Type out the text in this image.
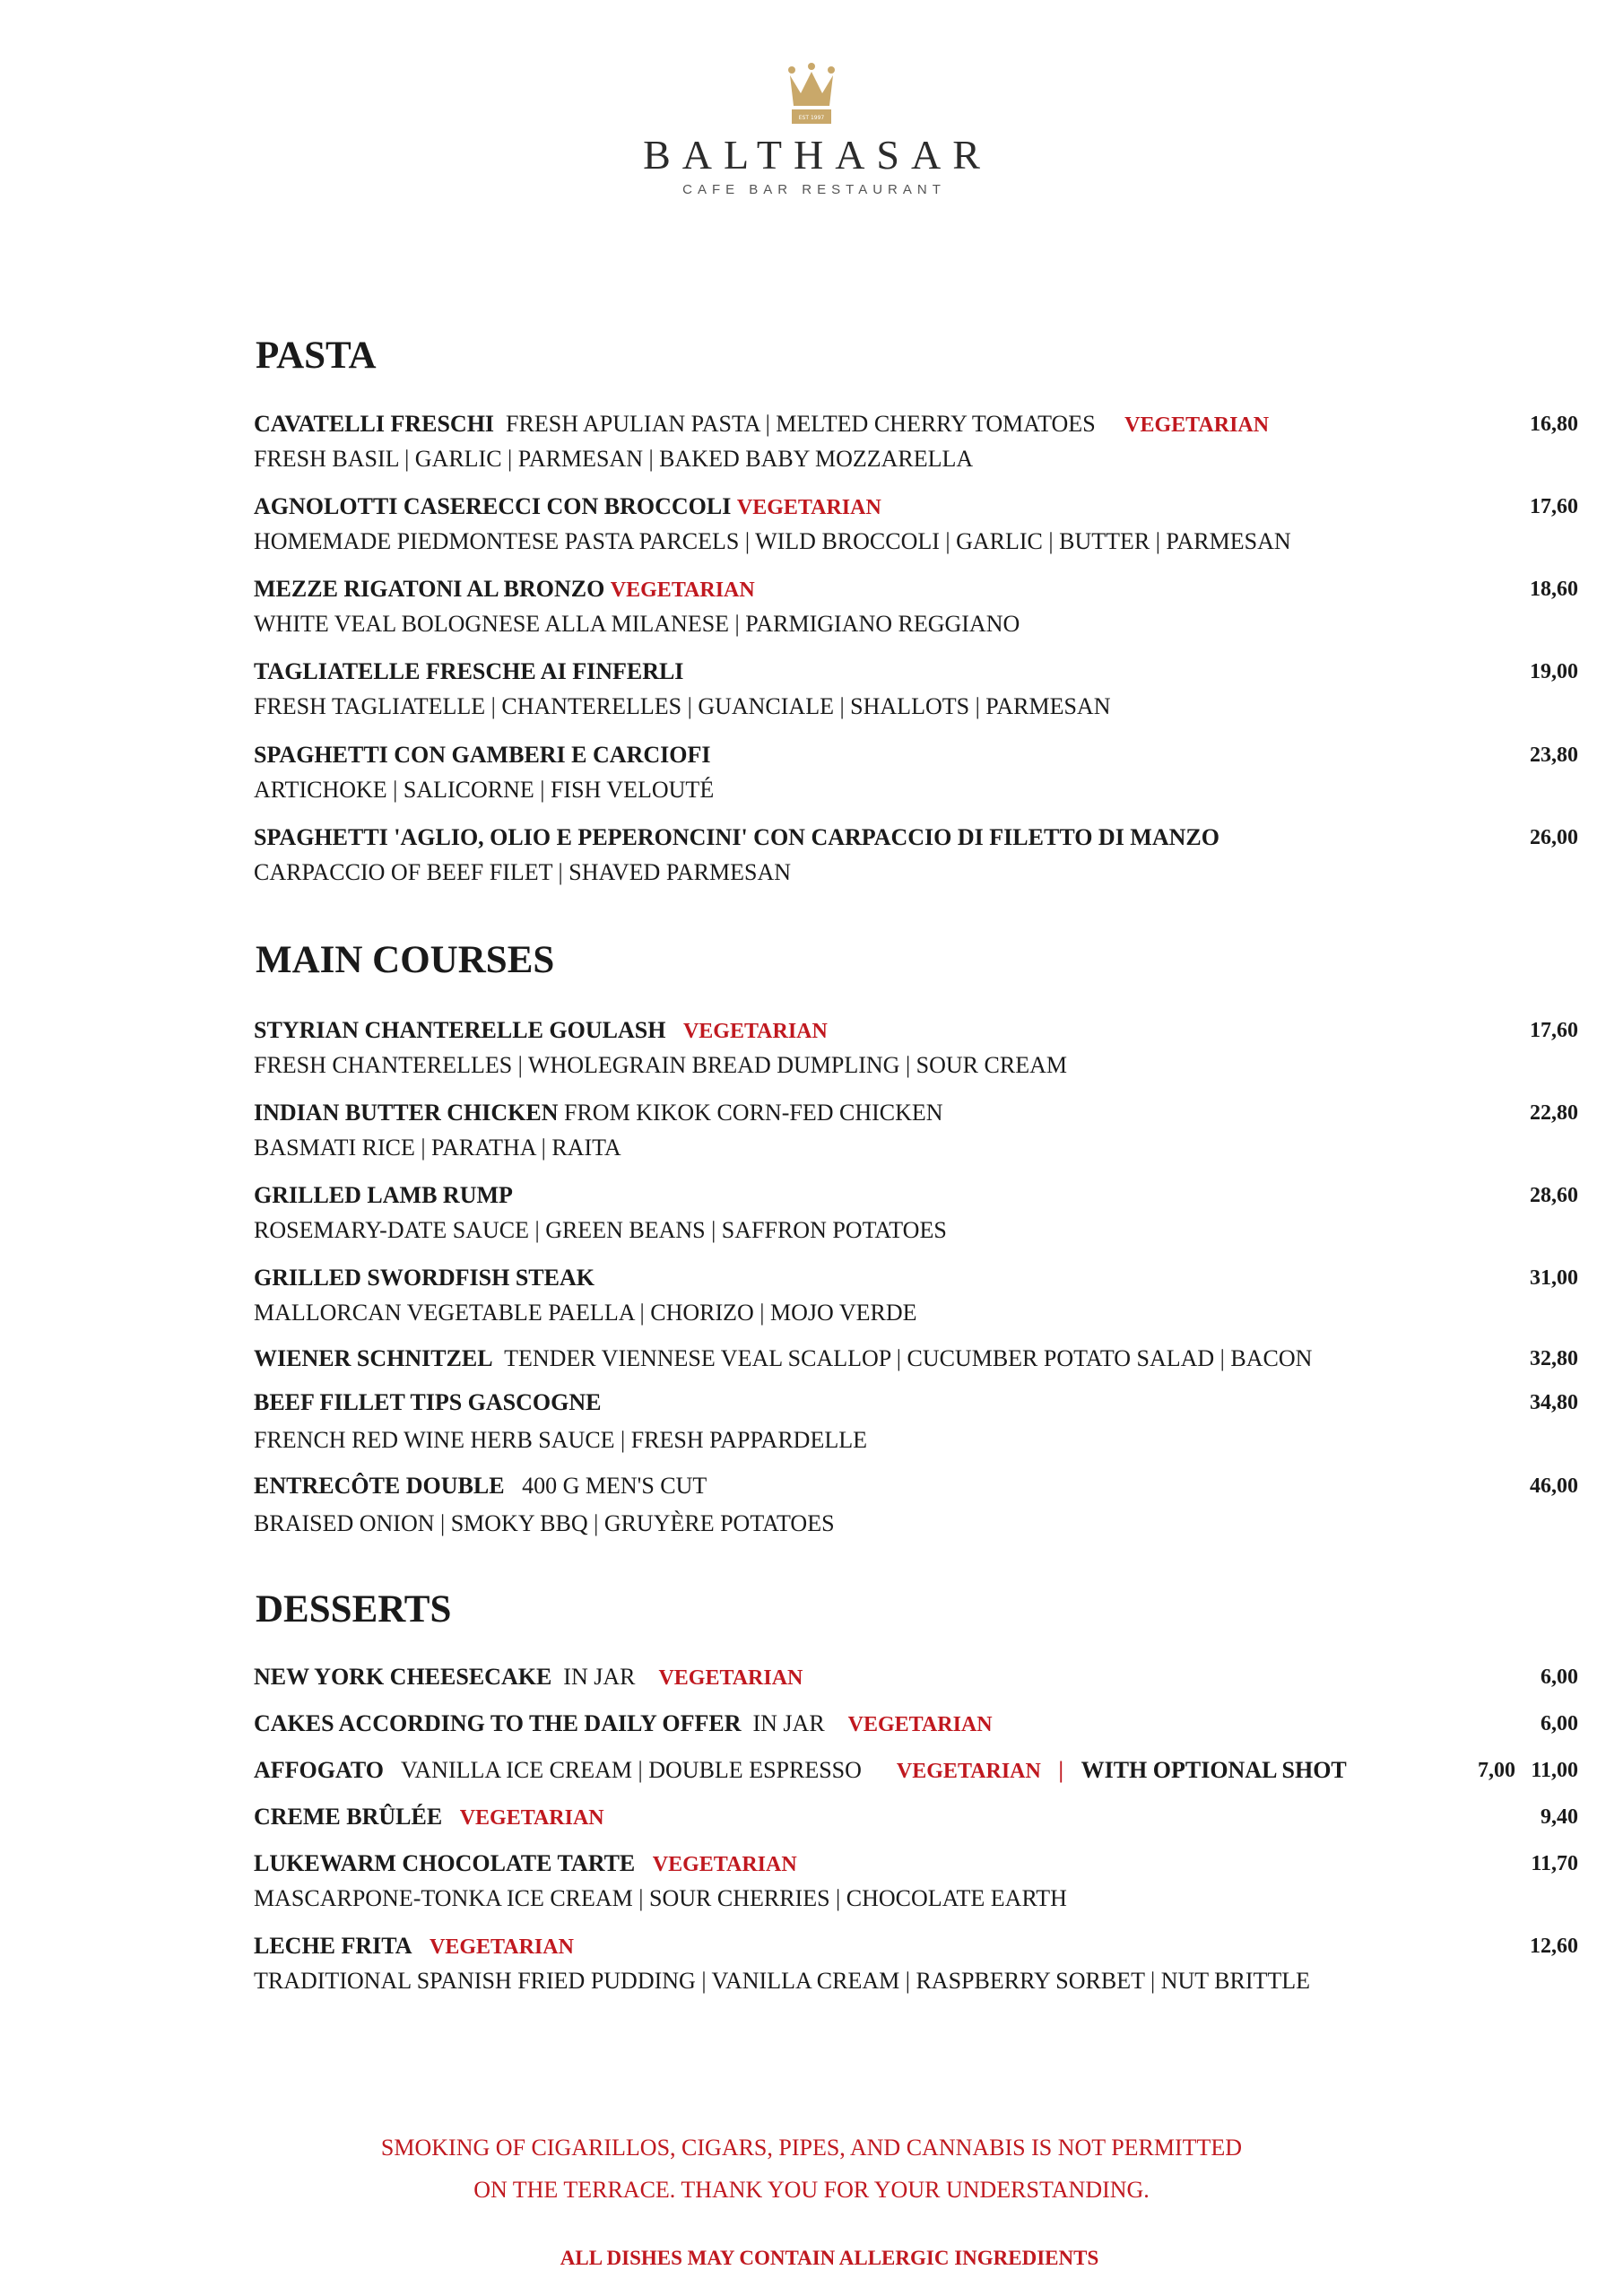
EST 1997
BALTHASAR
CAFE BAR RESTAURANT
PASTA
CAVATELLI FRESCHI FRESH APULIAN PASTA | MELTED CHERRY TOMATOES VEGETARIAN	16,80
FRESH BASIL | GARLIC | PARMESAN | BAKED BABY MOZZARELLA
AGNOLOTTI CASERECCI CON BROCCOLI VEGETARIAN	17,60
HOMEMADE PIEDMONTESE PASTA PARCELS | WILD BROCCOLI | GARLIC | BUTTER | PARMESAN
MEZZE RIGATONI AL BRONZO VEGETARIAN	18,60
WHITE VEAL BOLOGNESE ALLA MILANESE | PARMIGIANO REGGIANO
TAGLIATELLE FRESCHE AI FINFERLI	19,00
FRESH TAGLIATELLE | CHANTERELLES | GUANCIALE | SHALLOTS | PARMESAN
SPAGHETTI CON GAMBERI E CARCIOFI	23,80
ARTICHOKE | SALICORNE | FISH VELOUTÉ
SPAGHETTI 'AGLIO, OLIO E PEPERONCINI' CON CARPACCIO DI FILETTO DI MANZO	26,00
CARPACCIO OF BEEF FILET | SHAVED PARMESAN
MAIN COURSES
STYRIAN CHANTERELLE GOULASH VEGETARIAN	17,60
FRESH CHANTERELLES | WHOLEGRAIN BREAD DUMPLING | SOUR CREAM
INDIAN BUTTER CHICKEN FROM KIKOK CORN-FED CHICKEN	22,80
BASMATI RICE | PARATHA | RAITA
GRILLED LAMB RUMP	28,60
ROSEMARY-DATE SAUCE | GREEN BEANS | SAFFRON POTATOES
GRILLED SWORDFISH STEAK	31,00
MALLORCAN VEGETABLE PAELLA | CHORIZO | MOJO VERDE
WIENER SCHNITZEL TENDER VIENNESE VEAL SCALLOP | CUCUMBER POTATO SALAD | BACON	32,80
BEEF FILLET TIPS GASCOGNE	34,80
FRENCH RED WINE HERB SAUCE | FRESH PAPPARDELLE
ENTRECÔTE DOUBLE 400 G MEN'S CUT	46,00
BRAISED ONION | SMOKY BBQ | GRUYÈRE POTATOES
DESSERTS
NEW YORK CHEESECAKE IN JAR VEGETARIAN	6,00
CAKES ACCORDING TO THE DAILY OFFER IN JAR VEGETARIAN	6,00
AFFOGATO VANILLA ICE CREAM | DOUBLE ESPRESSO VEGETARIAN | WITH OPTIONAL SHOT	7,00 11,00
CREME BRÛLÉE VEGETARIAN	9,40
LUKEWARM CHOCOLATE TARTE VEGETARIAN	11,70
MASCARPONE-TONKA ICE CREAM | SOUR CHERRIES | CHOCOLATE EARTH
LECHE FRITA VEGETARIAN	12,60
TRADITIONAL SPANISH FRIED PUDDING | VANILLA CREAM | RASPBERRY SORBET | NUT BRITTLE
SMOKING OF CIGARILLOS, CIGARS, PIPES, AND CANNABIS IS NOT PERMITTED
ON THE TERRACE. THANK YOU FOR YOUR UNDERSTANDING.
ALL DISHES MAY CONTAIN ALLERGIC INGREDIENTS
